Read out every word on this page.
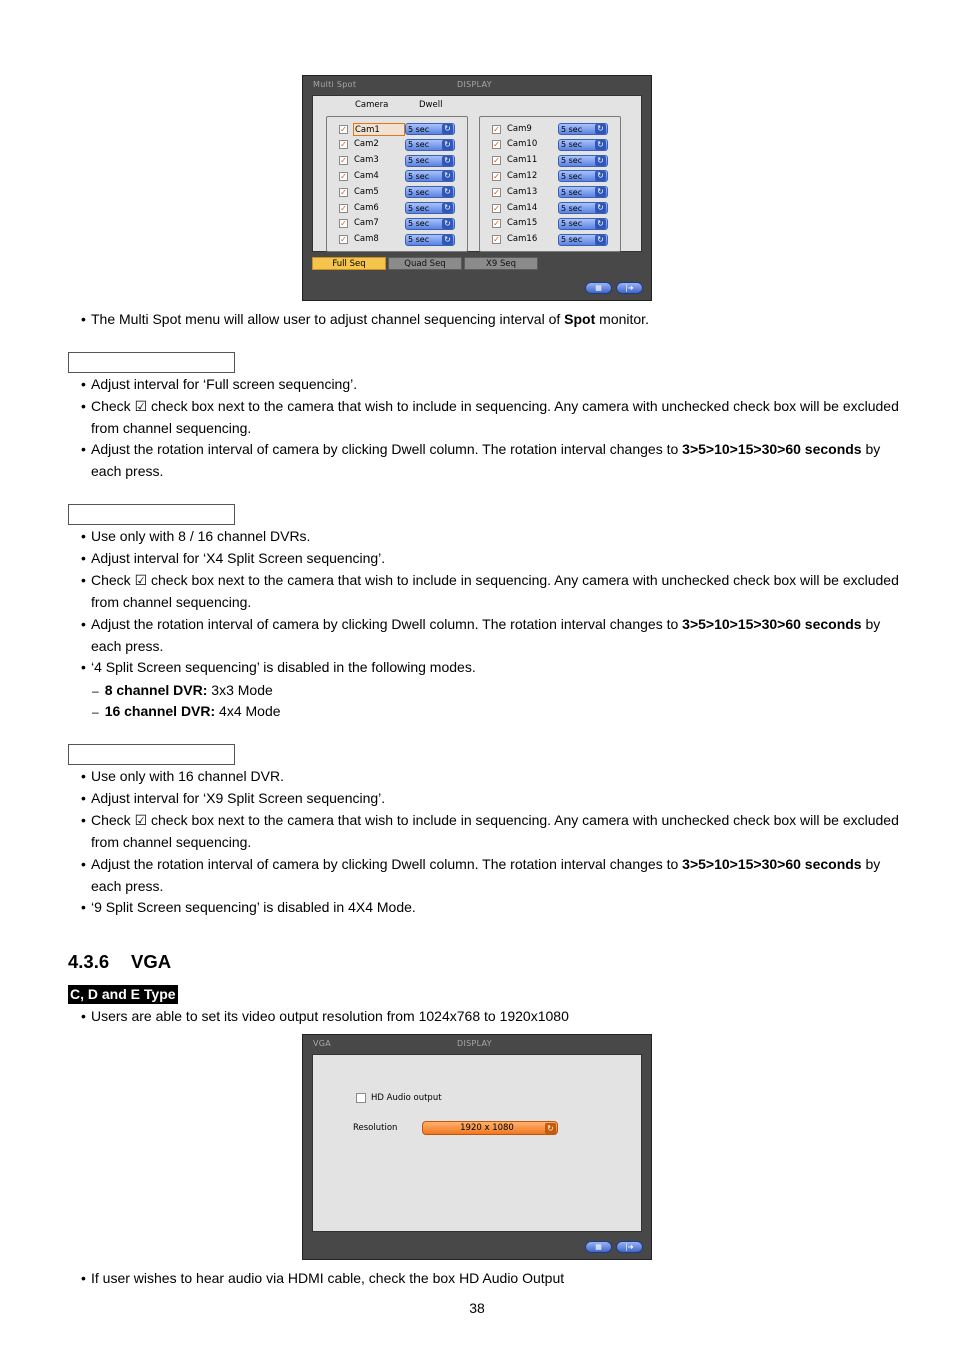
Multi Spot	DISPLAY
Camera	Dwell
✓ Cam1	5 sec ↻
✓ Cam2	5 sec ↻
✓ Cam3	5 sec ↻
✓ Cam4	5 sec ↻
✓ Cam5	5 sec ↻
✓ Cam6	5 sec ↻
✓ Cam7	5 sec ↻
✓ Cam8	5 sec ↻
✓ Cam9	5 sec ↻
✓ Cam10	5 sec ↻
✓ Cam11	5 sec ↻
✓ Cam12	5 sec ↻
✓ Cam13	5 sec ↻
✓ Cam14	5 sec ↻
✓ Cam15	5 sec ↻
✓ Cam16	5 sec ↻
Full Seq	Quad Seq	X9 Seq
▦	|➜
• The Multi Spot menu will allow user to adjust channel sequencing interval of Spot monitor.
• Adjust interval for ‘Full screen sequencing’.
• Check ☑ check box next to the camera that wish to include in sequencing. Any camera with unchecked check box will be excluded from channel sequencing.
• Adjust the rotation interval of camera by clicking Dwell column. The rotation interval changes to 3>5>10>15>30>60 seconds by each press.
• Use only with 8 / 16 channel DVRs.
• Adjust interval for ‘X4 Split Screen sequencing’.
• Check ☑ check box next to the camera that wish to include in sequencing. Any camera with unchecked check box will be excluded from channel sequencing.
• Adjust the rotation interval of camera by clicking Dwell column. The rotation interval changes to 3>5>10>15>30>60 seconds by each press.
• ‘4 Split Screen sequencing’ is disabled in the following modes.
– 8 channel DVR: 3x3 Mode
– 16 channel DVR: 4x4 Mode
• Use only with 16 channel DVR.
• Adjust interval for ‘X9 Split Screen sequencing’.
• Check ☑ check box next to the camera that wish to include in sequencing. Any camera with unchecked check box will be excluded from channel sequencing.
• Adjust the rotation interval of camera by clicking Dwell column. The rotation interval changes to 3>5>10>15>30>60 seconds by each press.
• ‘9 Split Screen sequencing’ is disabled in 4X4 Mode.
4.3.6 VGA
C, D and E Type
• Users are able to set its video output resolution from 1024x768 to 1920x1080
VGA	DISPLAY
HD Audio output
Resolution	1920 x 1080	↻
▦	|➜
• If user wishes to hear audio via HDMI cable, check the box HD Audio Output
38
